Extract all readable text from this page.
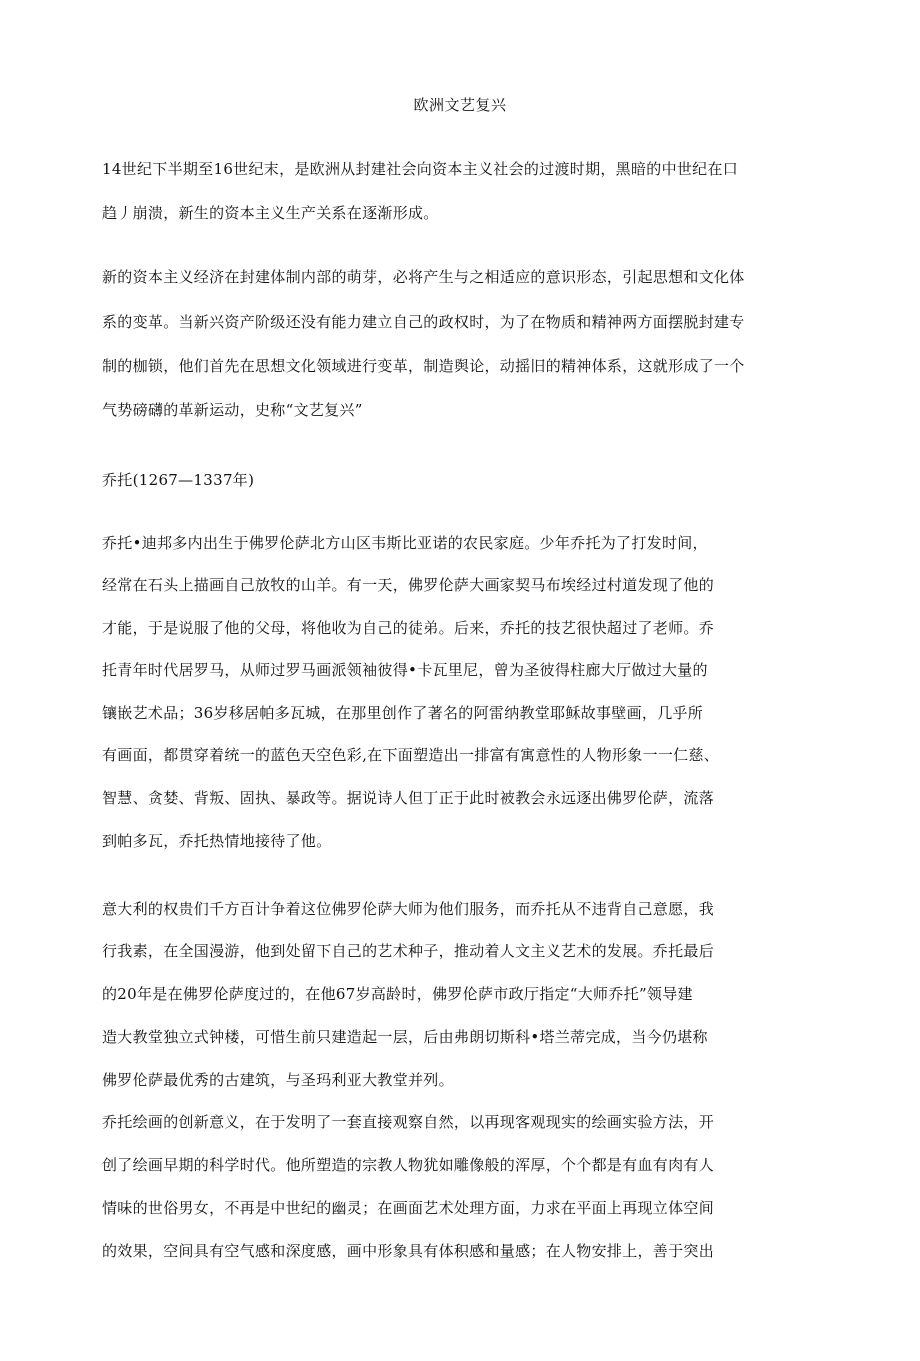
欧洲文艺复兴
14世纪下半期至16世纪末，是欧洲从封建社会向资本主义社会的过渡时期，黑暗的中世纪在口
趋丿崩溃，新生的资本主义生产关系在逐渐形成。
新的资本主义经济在封建体制内部的萌芽，必将产生与之相适应的意识形态，引起思想和文化体
系的变革。当新兴资产阶级还没有能力建立自己的政权时，为了在物质和精神两方面摆脱封建专
制的枷锁，他们首先在思想文化领域进行变革，制造舆论，动摇旧的精神体系，这就形成了一个
气势磅礴的革新运动，史称“文艺复兴”
乔托(1267—1337年)
乔托•迪邦多内出生于佛罗伦萨北方山区韦斯比亚诺的农民家庭。少年乔托为了打发时间，
经常在石头上描画自己放牧的山羊。有一天，佛罗伦萨大画家契马布埃经过村道发现了他的
才能，于是说服了他的父母，将他收为自己的徒弟。后来，乔托的技艺很快超过了老师。乔
托青年时代居罗马，从师过罗马画派领袖彼得•卡瓦里尼，曾为圣彼得柱廊大厅做过大量的
镶嵌艺术品；36岁移居帕多瓦城，在那里创作了著名的阿雷纳教堂耶稣故事壁画，几乎所
有画面，都贯穿着统一的蓝色天空色彩,在下面塑造出一排富有寓意性的人物形象一一仁慈、
智慧、贪婪、背叛、固执、暴政等。据说诗人但丁正于此时被教会永远逐出佛罗伦萨，流落
到帕多瓦，乔托热情地接待了他。
意大利的权贵们千方百计争着这位佛罗伦萨大师为他们服务，而乔托从不违背自己意愿，我
行我素，在全国漫游，他到处留下自己的艺术种子，推动着人文主义艺术的发展。乔托最后
的20年是在佛罗伦萨度过的，在他67岁高龄时，佛罗伦萨市政厅指定“大师乔托”领导建
造大教堂独立式钟楼，可惜生前只建造起一层，后由弗朗切斯科•塔兰蒂完成，当今仍堪称
佛罗伦萨最优秀的古建筑，与圣玛利亚大教堂并列。
乔托绘画的创新意义，在于发明了一套直接观察自然，以再现客观现实的绘画实验方法，开
创了绘画早期的科学时代。他所塑造的宗教人物犹如雕像般的浑厚，个个都是有血有肉有人
情味的世俗男女，不再是中世纪的幽灵；在画面艺术处理方面，力求在平面上再现立体空间
的效果，空间具有空气感和深度感，画中形象具有体积感和量感；在人物安排上，善于突出
